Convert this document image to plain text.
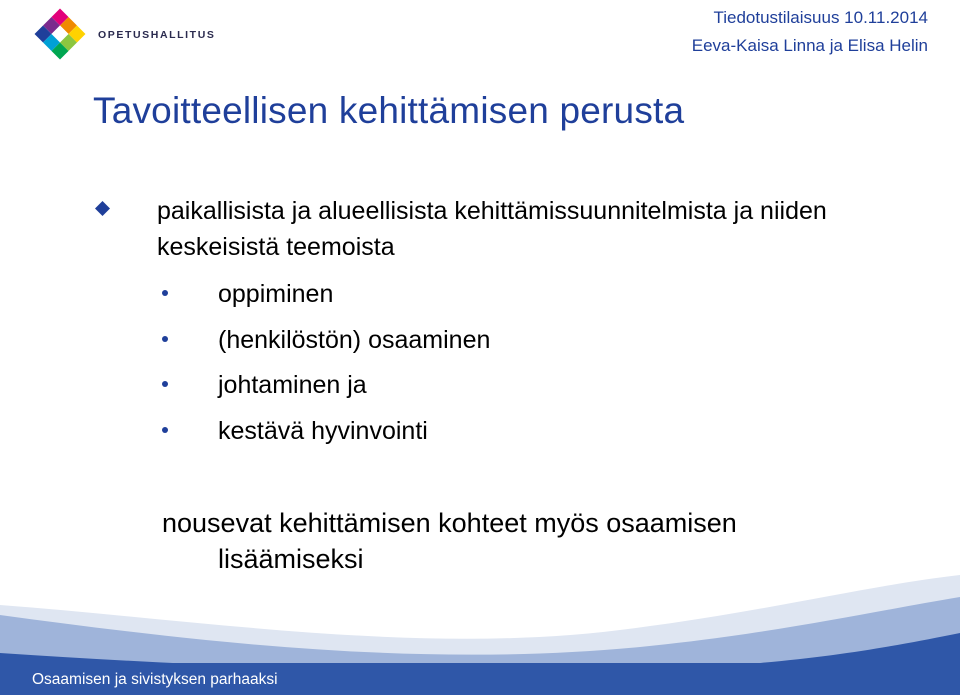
OPETUSHALLITUS
Tiedotustilaisuus 10.11.2014
Eeva-Kaisa Linna ja Elisa Helin
Tavoitteellisen kehittämisen perusta
paikallisista ja alueellisista kehittämissuunnitelmista ja niiden keskeisistä teemoista
oppiminen
(henkilöstön) osaaminen
johtaminen ja
kestävä hyvinvointi
nousevat kehittämisen kohteet myös osaamisen
lisäämiseksi
Osaamisen ja sivistyksen parhaaksi
